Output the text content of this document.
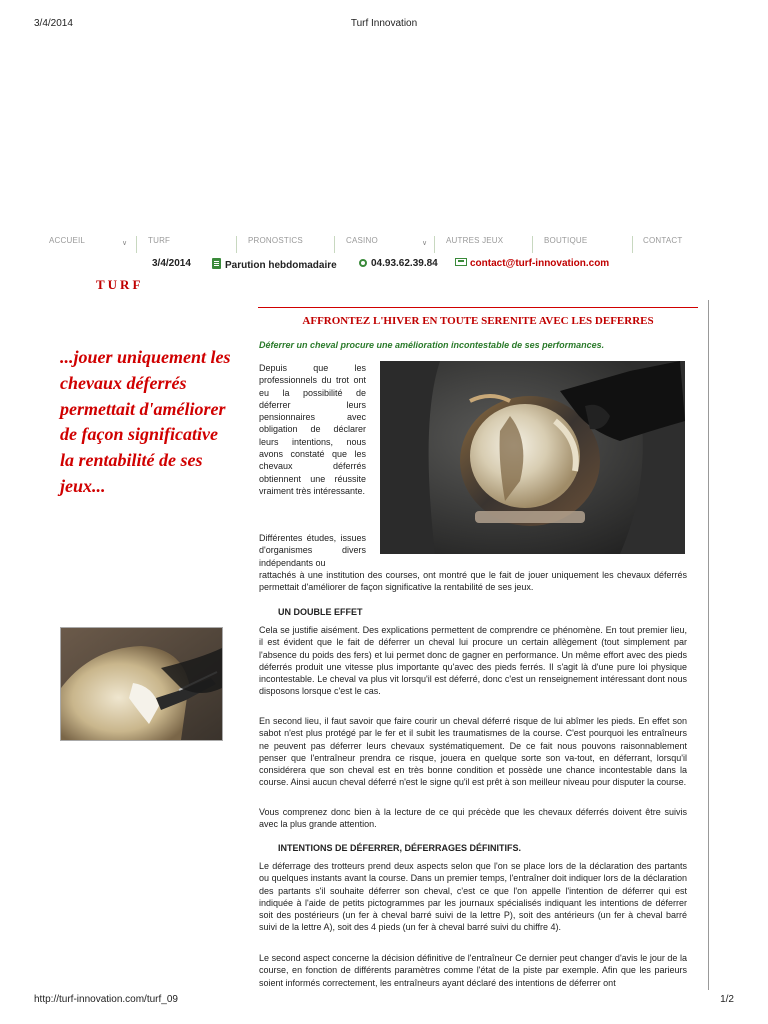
3/4/2014	Turf Innovation
ACCUEIL	∨	TURF	PRONOSTICS	CASINO	∨ AUTRES JEUX	BOUTIQUE	CONTACT
3/4/2014	Parution hebdomadaire	04.93.62.39.84	contact@turf-innovation.com
TURF
...jouer uniquement les chevaux déferrés permettait d'améliorer de façon significative la rentabilité de ses jeux...
AFFRONTEZ L'HIVER EN TOUTE SERENITE AVEC LES DEFERRES
Déferrer un cheval procure une amélioration incontestable de ses performances.
Depuis que les professionnels du trot ont eu la possibilité de déferrer leurs pensionnaires avec obligation de déclarer leurs intentions, nous avons constaté que les chevaux déferrés obtiennent une réussite vraiment très intéressante.
Différentes études, issues d'organismes divers indépendants ou
rattachés à une institution des courses, ont montré que le fait de jouer uniquement les chevaux déferrés permettait d'améliorer de façon significative la rentabilité de ses jeux.
UN DOUBLE EFFET
Cela se justifie aisément. Des explications permettent de comprendre ce phénomène. En tout premier lieu, il est évident que le fait de déferrer un cheval lui procure un certain allègement (tout simplement par l'absence du poids des fers) et lui permet donc de gagner en performance. Un même effort avec des pieds déferrés produit une vitesse plus importante qu'avec des pieds ferrés. Il s'agit là d'une pure loi physique incontestable. Le cheval va plus vit lorsqu'il est déferré, donc c'est un renseignement intéressant dont nous disposons lorsque c'est le cas.
En second lieu, il faut savoir que faire courir un cheval déferré risque de lui abîmer les pieds. En effet son sabot n'est plus protégé par le fer et il subit les traumatismes de la course. C'est pourquoi les entraîneurs ne peuvent pas déferrer leurs chevaux systématiquement. De ce fait nous pouvons raisonnablement penser que l'entraîneur prendra ce risque, jouera en quelque sorte son va-tout, en déferrant, lorsqu'il considérera que son cheval est en très bonne condition et possède une chance incontestable dans la course. Ainsi aucun cheval déferré n'est le signe qu'il est prêt à son meilleur niveau pour disputer la course.
Vous comprenez donc bien à la lecture de ce qui précède que les chevaux déferrés doivent être suivis avec la plus grande attention.
INTENTIONS DE DÉFERRER, DÉFERRAGES DÉFINITIFS.
Le déferrage des trotteurs prend deux aspects selon que l'on se place lors de la déclaration des partants ou quelques instants avant la course. Dans un premier temps, l'entraîner doit indiquer lors de la déclaration des partants s'il souhaite déferrer son cheval, c'est ce que l'on appelle l'intention de déferrer qui est indiquée à l'aide de petits pictogrammes par les journaux spécialisés indiquant les intentions de déferrer soit des postérieurs (un fer à cheval barré suivi de la lettre P), soit des antérieurs (un fer à cheval barré suivi de la lettre A), soit des 4 pieds (un fer à cheval barré suivi du chiffre 4).
Le second aspect concerne la décision définitive de l'entraîneur Ce dernier peut changer d'avis le jour de la course, en fonction de différents paramètres comme l'état de la piste par exemple. Afin que les parieurs soient informés correctement, les entraîneurs ayant déclaré des intentions de déferrer ont
http://turf-innovation.com/turf_09	1/2
